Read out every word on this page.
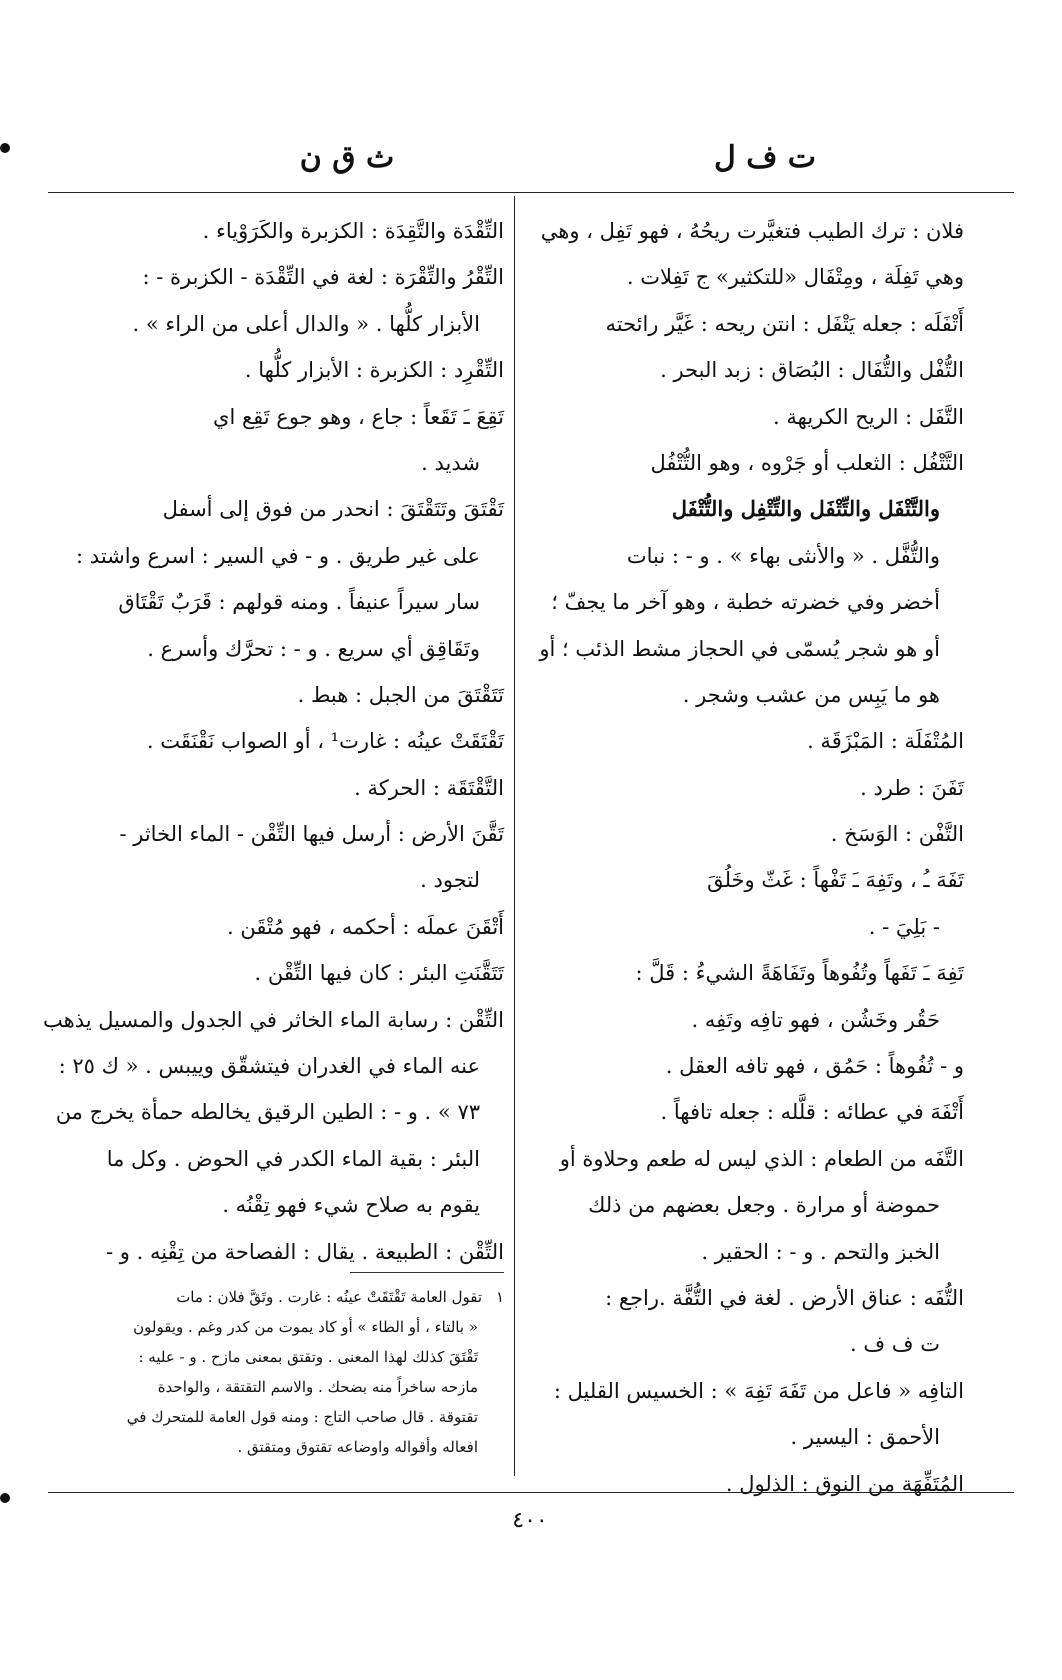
ت ف ل
ث ق ن
فلان : ترك الطيب فتغيَّرت ريحُهُ ، فهو تَفِل ، وهي
وهي تَفِلَة ، ومِتْفَال «للتكثير» ج تَفِلات .
أَتْفَلَه : جعله يَتْفَل : انتن ريحه : غَيَّر رائحته
التُّفْل والتُّفَال : البُصَاق : زبد البحر .
التَّفَل : الريح الكريهة .
التَّتْفُل : الثعلب أو جَرْوه ، وهو التُّتْفُل
والتَّتْفَل والتِّتْفَل والتِّتْفِل والتُّتْفَل
والتُّفَّل . « والأنثى بهاء » . و - : نبات
أخضر وفي خضرته خطبة ، وهو آخر ما يجفّ ؛
أو هو شجر يُسمّى في الحجاز مشط الذئب ؛ أو
هو ما يَبِس من عشب وشجر .
المُتْفَلَة : المَبْزَقَة .
تَفَنَ : طرد .
التَّفْن : الوَسَخ .
تَفَهَ ـُ ، وتَفِهَ ـَ تَفْهاً : غَثّ وخَلُقَ
- بَلِيَ - .
تَفِهَ ـَ تَفَهاً وتُفُوهاً وتَفَاهَةً الشيءُ : قَلَّ :
حَقُر وخَشُن ، فهو تافِه وتَفِه .
و - تُفُوهاً : حَمُق ، فهو تافه العقل .
أَتْفَهَ في عطائه : قلَّله : جعله تافهاً .
التَّفَه من الطعام : الذي ليس له طعم وحلاوة أو
حموضة أو مرارة . وجعل بعضهم من ذلك
الخبز والتحم . و - : الحقير .
التُّفَه : عناق الأرض . لغة في التُّفَّة .راجع :
ت ف ف .
التافِه « فاعل من تَفَهَ تَفِهَ » : الخسيس القليل :
الأحمق : اليسير .
المُتَفِّهَة من النوق : الذلول .
التِّقْدَة والتَّقِدَة : الكزبرة والكَرَوْياء .
التِّقْرُ والتِّقْرَة : لغة في التِّقْدَة - الكزبرة - :
الأبزار كلُّها . « والدال أعلى من الراء » .
التِّقْرِد : الكزبرة : الأبزار كلُّها .
تَقِعَ ـَ تَقَعاً : جاع ، وهو جوع تَقِع اي
شديد .
تَقْتَقَ وتَتَقْتَقَ : انحدر من فوق إلى أسفل
على غير طريق . و - في السير : اسرع واشتد :
سار سيراً عنيفاً . ومنه قولهم : قَرَبٌ تَقْتَاق
وتَقَاقِق أي سريع . و - : تحرَّك وأسرع .
تَتَقْتَقَ من الجبل : هبط .
تَقْتَقَتْ عينُه : غارت¹ ، أو الصواب نَقْنَقَت .
التَّقْتَقَة : الحركة .
تَقَّنَ الأرض : أرسل فيها التِّقْن - الماء الخاثر -
لتجود .
أَتْقَنَ عملَه : أحكمه ، فهو مُتْقَن .
تَتَقَّنَتِ البئر : كان فيها التِّقْن .
التِّقْن : رسابة الماء الخاثر في الجدول والمسيل يذهب
عنه الماء في الغدران فيتشقّق وييبس . « ك ٢٥ :
٧٣ » . و - : الطين الرقيق يخالطه حمأة يخرج من
البئر : بقية الماء الكدر في الحوض . وكل ما
يقوم به صلاح شيء فهو تِقْنُه .
التِّقْن : الطبيعة . يقال : الفصاحة من تِقْنِه . و -
١تقول العامة تَقْتَقَتْ عينُه : غارت . وتَقَّ فلان : مات
« بالتاء ، أو الطاء » أو كاد يموت من كدر وغم . ويقولون
تَقْتَقَ كذلك لهذا المعنى . وتقتق بمعنى مازح . و - عليه :
مازحه ساخراً منه بضحك . والاسم التقتقة ، والواحدة
تقتوقة . قال صاحب التاج : ومنه قول العامة للمتحرك في
افعاله وأقواله واوضاعه تقتوق ومتقتق .
٤٠٠
